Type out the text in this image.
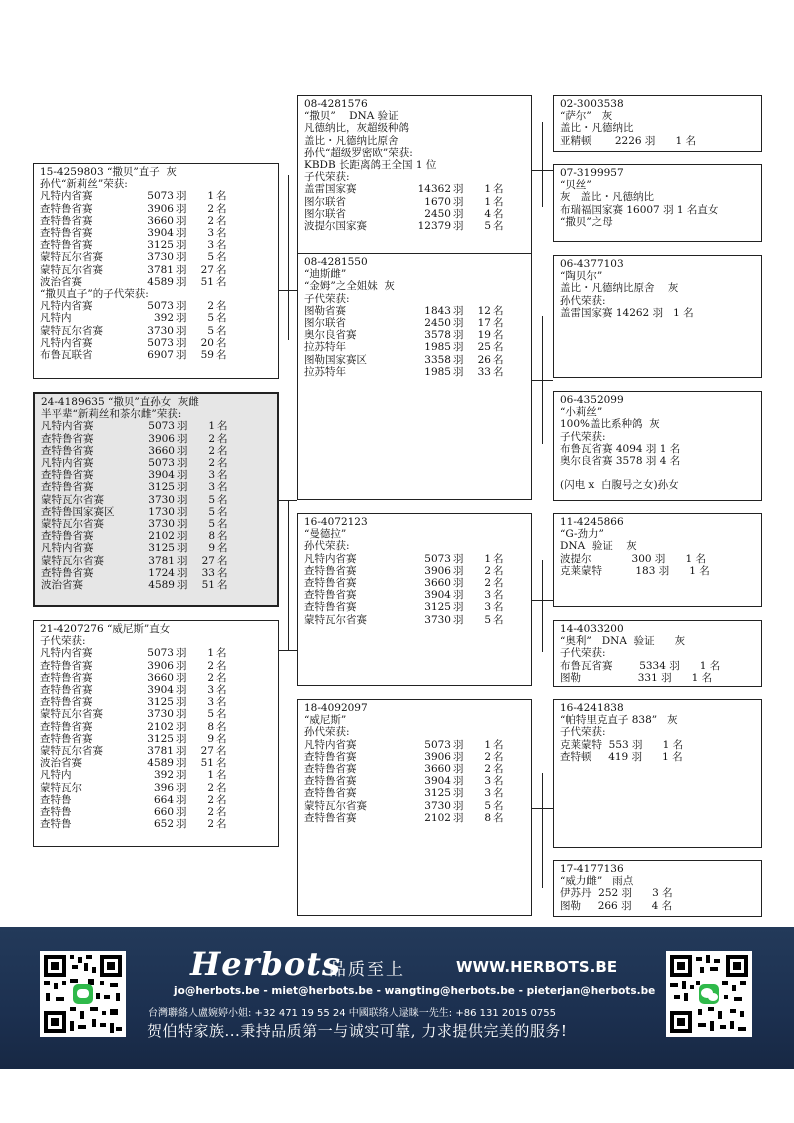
15-4259803 “撒贝”直子  灰
孙代“新莉丝”荣获:
凡特内省赛	5073 羽	1 名
查特鲁省赛	3906 羽	2 名
查特鲁省赛	3660 羽	2 名
查特鲁省赛	3904 羽	3 名
查特鲁省赛	3125 羽	3 名
蒙特瓦尔省赛	3730 羽	5 名
蒙特瓦尔省赛	3781 羽	27 名
波治省赛	4589 羽	51 名
“撒贝直子”的子代荣获:
凡特内省赛	5073 羽	2 名
凡特内	392 羽	5 名
蒙特瓦尔省赛	3730 羽	5 名
凡特内省赛	5073 羽	20 名
布鲁瓦联省	6907 羽	59 名
24-4189635 “撒贝”直孙女  灰雌
半平辈“新莉丝和茶尔雌”荣获:
凡特内省赛	5073 羽	1 名
查特鲁省赛	3906 羽	2 名
查特鲁省赛	3660 羽	2 名
凡特内省赛	5073 羽	2 名
查特鲁省赛	3904 羽	3 名
查特鲁省赛	3125 羽	3 名
蒙特瓦尔省赛	3730 羽	5 名
查特鲁国家赛区	1730 羽	5 名
蒙特瓦尔省赛	3730 羽	5 名
查特鲁省赛	2102 羽	8 名
凡特内省赛	3125 羽	9 名
蒙特瓦尔省赛	3781 羽	27 名
查特鲁省赛	1724 羽	33 名
波治省赛	4589 羽	51 名
21-4207276 “威尼斯”直女
子代荣获:
凡特内省赛	5073 羽	1 名
查特鲁省赛	3906 羽	2 名
查特鲁省赛	3660 羽	2 名
查特鲁省赛	3904 羽	3 名
查特鲁省赛	3125 羽	3 名
蒙特瓦尔省赛	3730 羽	5 名
查特鲁省赛	2102 羽	8 名
查特鲁省赛	3125 羽	9 名
蒙特瓦尔省赛	3781 羽	27 名
波治省赛	4589 羽	51 名
凡特内	392 羽	1 名
蒙特瓦尔	396 羽	2 名
查特鲁	664 羽	2 名
查特鲁	660 羽	2 名
查特鲁	652 羽	2 名
08-4281576
“撒贝”    DNA 验证
凡德纳比，灰超级种鸽
盖比・凡德纳比原舍
孙代“超级罗密欧”荣获:
KBDB 长距离鸽王全国 1 位
子代荣获:
盖雷国家赛	14362 羽	1 名
图尔联省	1670 羽	1 名
图尔联省	2450 羽	4 名
波提尔国家赛	12379 羽	5 名
08-4281550
“迪斯雌”
“金姆”之全姐妹  灰
子代荣获:
图勒省赛	1843 羽	12 名
图尔联省	2450 羽	17 名
奥尔良省赛	3578 羽	19 名
拉苏特年	1985 羽	25 名
图勒国家赛区	3358 羽	26 名
拉苏特年	1985 羽	33 名
16-4072123
“曼德拉”
孙代荣获:
凡特内省赛	5073 羽	1 名
查特鲁省赛	3906 羽	2 名
查特鲁省赛	3660 羽	2 名
查特鲁省赛	3904 羽	3 名
查特鲁省赛	3125 羽	3 名
蒙特瓦尔省赛	3730 羽	5 名
18-4092097
“威尼斯”
孙代荣获:
凡特内省赛	5073 羽	1 名
查特鲁省赛	3906 羽	2 名
查特鲁省赛	3660 羽	2 名
查特鲁省赛	3904 羽	3 名
查特鲁省赛	3125 羽	3 名
蒙特瓦尔省赛	3730 羽	5 名
查特鲁省赛	2102 羽	8 名
02-3003538
“萨尔”   灰
盖比・凡德纳比
亚精顿       2226 羽      1 名
07-3199957
“贝丝”
灰   盖比・凡德纳比
布瑞福国家赛 16007 羽 1 名直女
“撒贝”之母
06-4377103
“陶贝尔”
盖比・凡德纳比原舍    灰
孙代荣获:
盖雷国家赛 14262 羽   1 名
06-4352099
“小莉丝”
100%盖比系种鸽  灰
子代荣获:
布鲁瓦省赛 4094 羽 1 名
奥尔良省赛 3578 羽 4 名

(闪电 x  白腹号之女)孙女
11-4245866
“G-劲力”
DNA  验证    灰
波提尔            300 羽      1 名
克莱蒙特          183 羽      1 名
14-4033200
“奥利”   DNA  验证      灰
子代荣获:
布鲁瓦省赛        5334 羽      1 名
图勒                 331 羽      1 名
16-4241838
“帕特里克直子 838”   灰
子代荣获:
克莱蒙特  553 羽      1 名
查特顿     419 羽      1 名
17-4177136
“威力雌”   雨点
伊苏丹  252 羽      3 名
图勒     266 羽      4 名
Herbots
品质至上	WWW.HERBOTS.BE
jo@herbots.be - miet@herbots.be - wangting@herbots.be - pieterjan@herbots.be
台灣聯絡人盧婉婷小姐: +32 471 19 55 24 中國联络人逯睐一先生: +86 131 2015 0755
贺伯特家族...秉持品质第一与诚实可靠, 力求提供完美的服务!
